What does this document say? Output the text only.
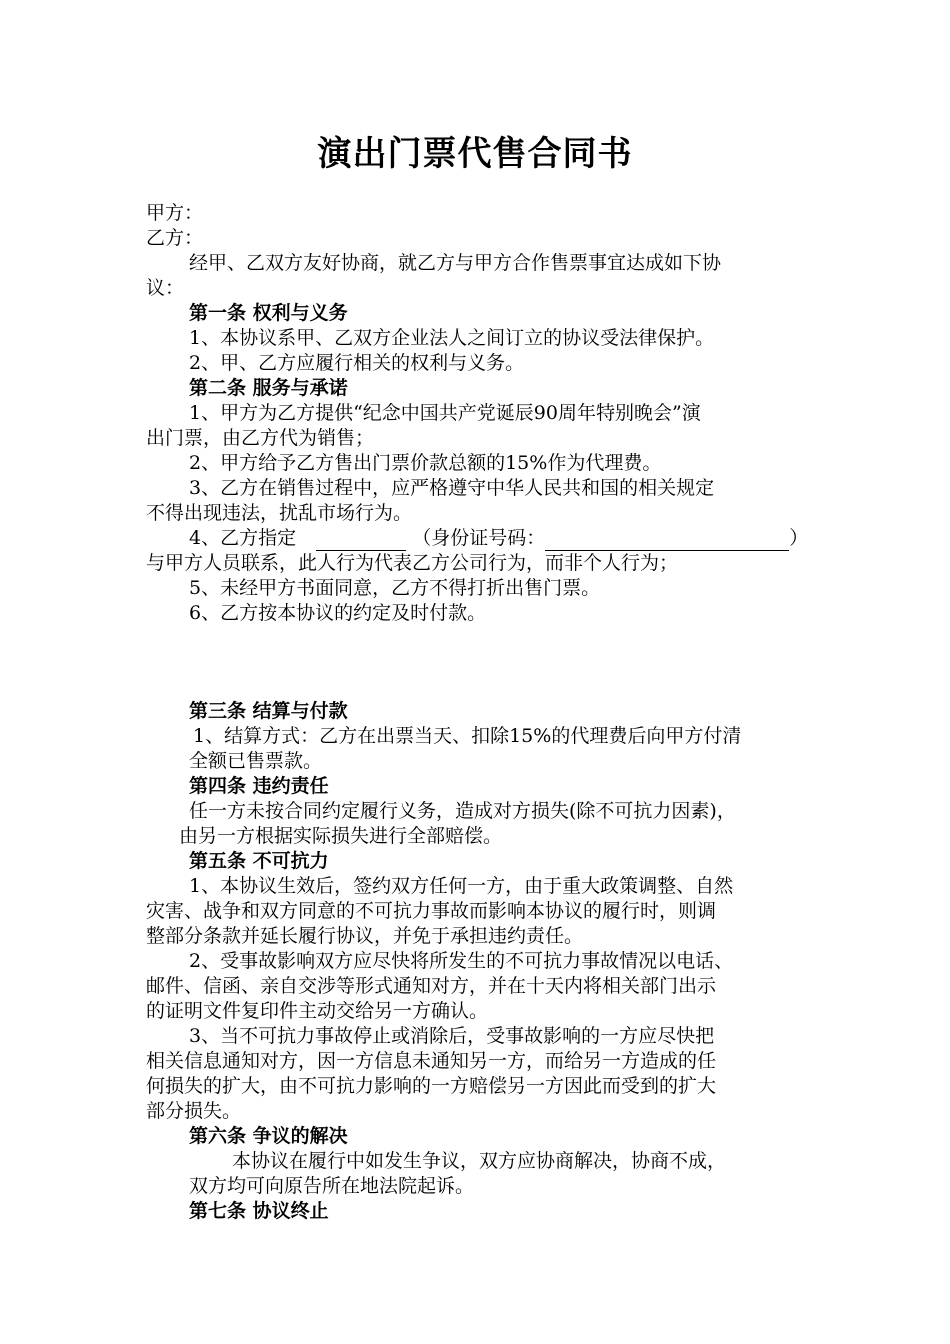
演出门票代售合同书
甲方：
乙方：
经甲、乙双方友好协商，就乙方与甲方合作售票事宜达成如下协
议：
第一条 权利与义务
1、本协议系甲、乙双方企业法人之间订立的协议受法律保护。
2、甲、乙方应履行相关的权利与义务。
第二条 服务与承诺
1、甲方为乙方提供“纪念中国共产党诞辰90周年特别晚会”演
出门票，由乙方代为销售；
2、甲方给予乙方售出门票价款总额的15%作为代理费。
3、乙方在销售过程中，应严格遵守中华人民共和国的相关规定
不得出现违法，扰乱市场行为。
4、乙方指定	（身份证号码：	）
与甲方人员联系，此人行为代表乙方公司行为，而非个人行为；
5、未经甲方书面同意，乙方不得打折出售门票。
6、乙方按本协议的约定及时付款。
第三条 结算与付款
1、结算方式：乙方在出票当天、扣除15%的代理费后向甲方付清
全额已售票款。
第四条 违约责任
任一方未按合同约定履行义务，造成对方损失(除不可抗力因素)，
由另一方根据实际损失进行全部赔偿。
第五条 不可抗力
1、本协议生效后，签约双方任何一方，由于重大政策调整、自然
灾害、战争和双方同意的不可抗力事故而影响本协议的履行时，则调
整部分条款并延长履行协议，并免于承担违约责任。
2、受事故影响双方应尽快将所发生的不可抗力事故情况以电话、
邮件、信函、亲自交涉等形式通知对方，并在十天内将相关部门出示
的证明文件复印件主动交给另一方确认。
3、当不可抗力事故停止或消除后，受事故影响的一方应尽快把
相关信息通知对方，因一方信息未通知另一方，而给另一方造成的任
何损失的扩大，由不可抗力影响的一方赔偿另一方因此而受到的扩大
部分损失。
第六条 争议的解决
本协议在履行中如发生争议，双方应协商解决，协商不成，
双方均可向原告所在地法院起诉。
第七条 协议终止
